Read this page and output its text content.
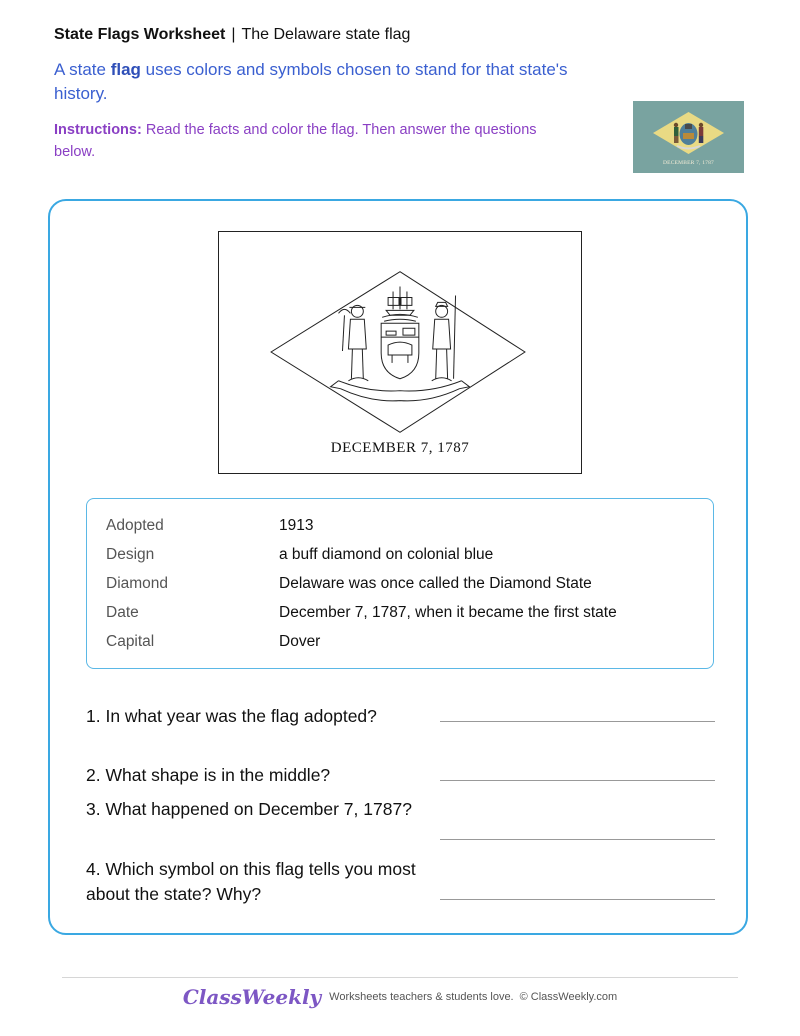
State Flags Worksheet | The Delaware state flag
A state flag uses colors and symbols chosen to stand for that state's history.
Instructions: Read the facts and color the flag. Then answer the questions below.
DECEMBER 7, 1787
DECEMBER 7, 1787
Adopted	1913
Design	a buff diamond on colonial blue
Diamond	Delaware was once called the Diamond State
Date	December 7, 1787, when it became the first state
Capital	Dover
1. In what year was the flag adopted?
2. What shape is in the middle?
3. What happened on December 7, 1787?
4. Which symbol on this flag tells you most about the state? Why?
ClassWeekly Worksheets teachers & students love. © ClassWeekly.com
